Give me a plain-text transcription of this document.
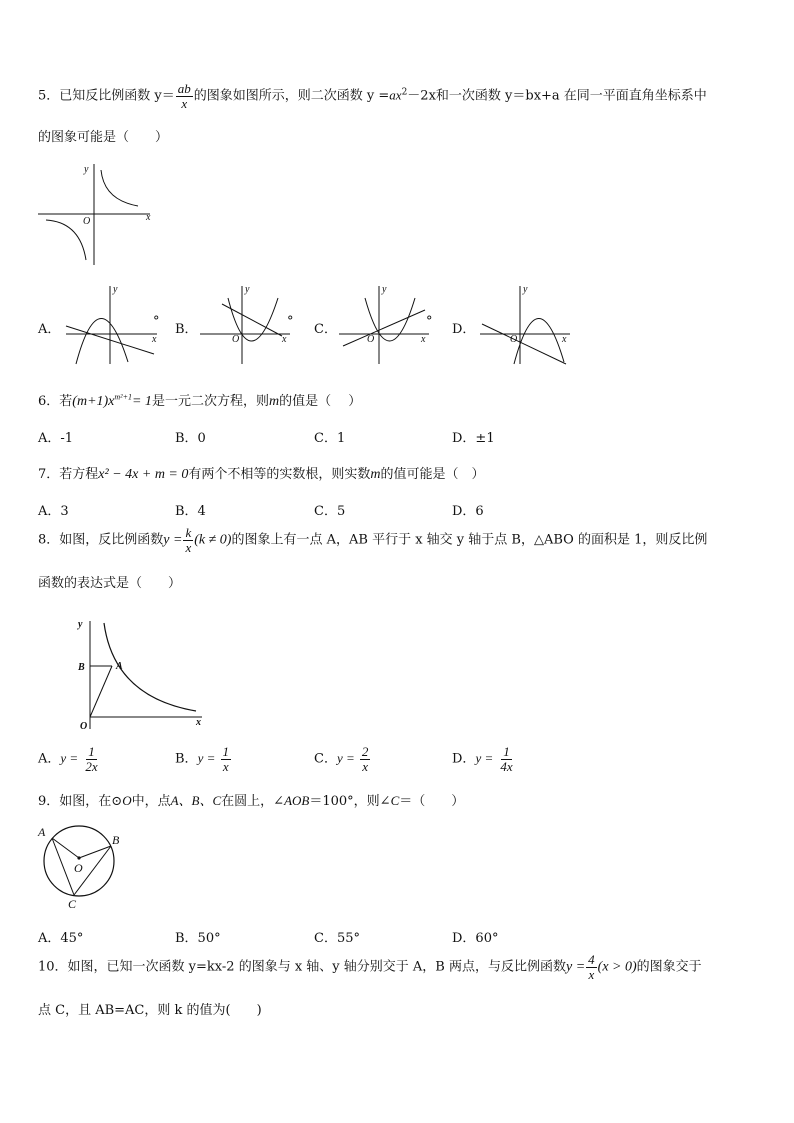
5．已知反比例函数 $y= \frac{ab}{x}$ 的图象如图所示，则二次函数 $y =ax^2-2x$和一次函数 y＝bx+a 在同一平面直角坐标系中
的图象可能是（　　）
x
y
O
A．
x
y
°
B．
x
y
O
°
C．
x
y
O
°
D．
x
y
O
6．若$(m+1)x^{m^2+1}= 1$是一元二次方程，则m的值是（　 ）
A．-1	B．0	C．1	D．±1
7．若方程x² − 4x + m = 0有两个不相等的实数根，则实数m的值可能是（　）
A．3	B．4	C．5	D．6
8．如图，反比例函数$y = \frac{k}{x} (k \ne 0)$的图象上有一点 A，AB 平行于 x 轴交 y 轴于点 B，△ABO 的面积是 1，则反比例
函数的表达式是（　　）
y
x
B	A
O
A．$y = \frac{1}{2x}$	B．$y = \frac{1}{x}$	C．$y = \frac{2}{x}$	D．$y = \frac{1}{4x}$
9．如图，在⊙O中，点A、B、C在圆上，∠AOB＝100°，则∠C＝（　　）
A
B
O
C
A．45°	B．50°	C．55°	D．60°
10．如图，已知一次函数 y=kx-2 的图象与 x 轴、y 轴分别交于 A，B 两点，与反比例函数$y = \frac{4}{x} (x > 0)$的图象交于
点 C，且 AB=AC，则 k 的值为(　　)
